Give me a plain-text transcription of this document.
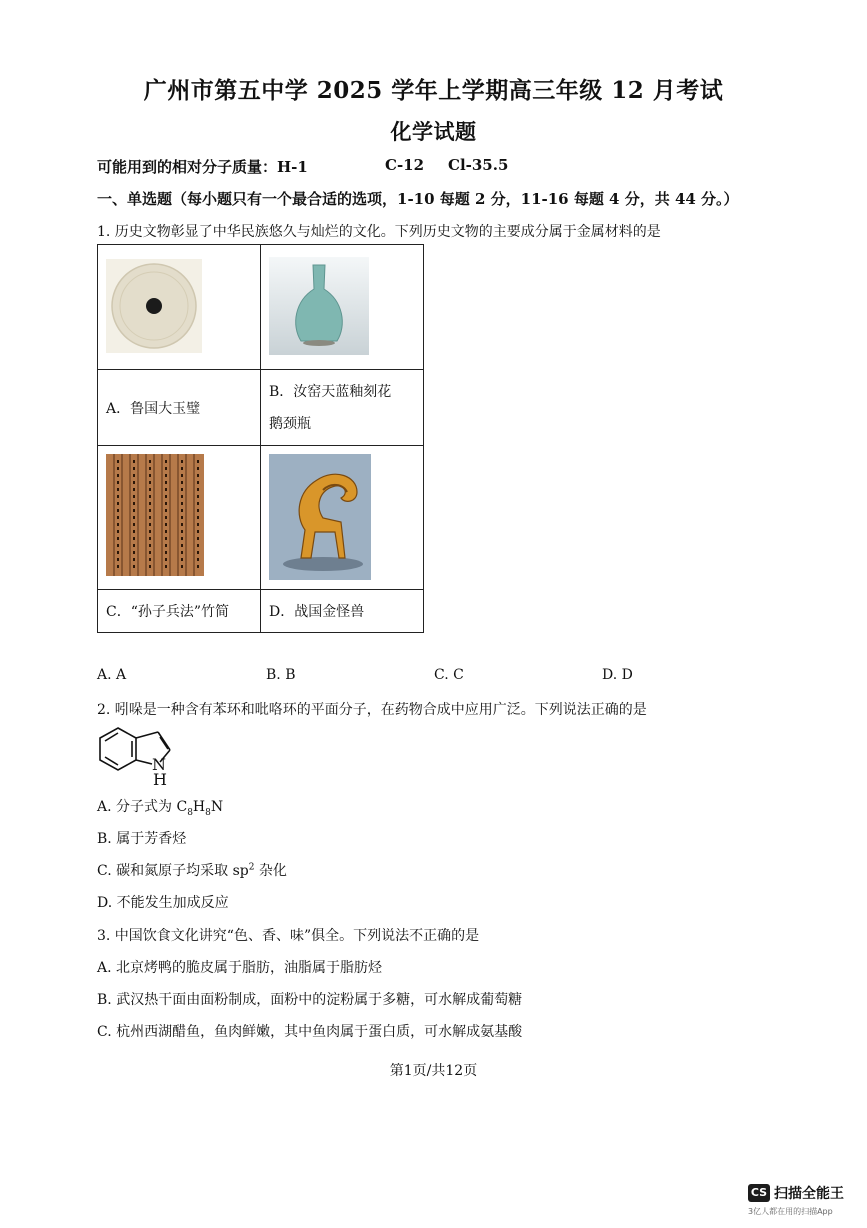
广州市第五中学 2025 学年上学期高三年级 12 月考试
化学试题
可能用到的相对分子质量：H-1	C-12 Cl-35.5
一、单选题（每小题只有一个最合适的选项，1-10 每题 2 分，11-16 每题 4 分，共 44 分。）
1. 历史文物彰显了中华民族悠久与灿烂的文化。下列历史文物的主要成分属于金属材料的是

A．鲁国大玉璧	B．汝窑天蓝釉刻花
鹅颈瓶

C．“孙子兵法”竹简	D．战国金怪兽
A. A	B. B	C. C	D. D
2. 吲哚是一种含有苯环和吡咯环的平面分子，在药物合成中应用广泛。下列说法正确的是
N
H
A. 分子式为 $C_8H_8N$
B. 属于芳香烃
C. 碳和氮原子均采取 $sp^2$ 杂化
D. 不能发生加成反应
3. 中国饮食文化讲究“色、香、味”俱全。下列说法不正确的是
A. 北京烤鸭的脆皮属于脂肪，油脂属于脂肪烃
B. 武汉热干面由面粉制成，面粉中的淀粉属于多糖，可水解成葡萄糖
C. 杭州西湖醋鱼，鱼肉鲜嫩，其中鱼肉属于蛋白质，可水解成氨基酸
第1页/共12页
CS 扫描全能王
3亿人都在用的扫描App
